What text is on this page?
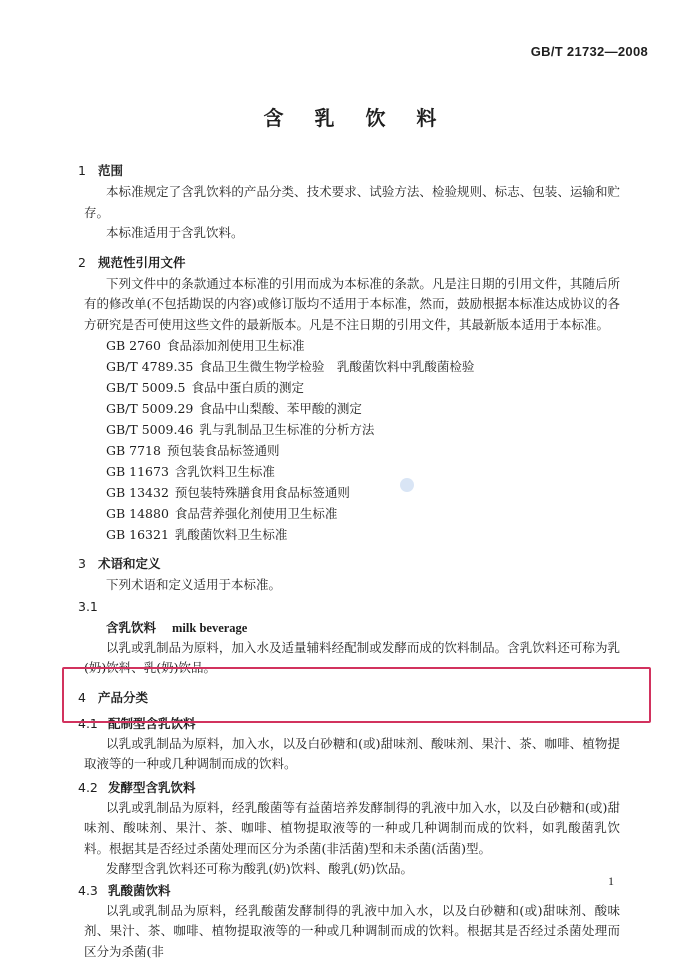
GB/T 21732—2008
含 乳 饮 料
1 范围

本标准规定了含乳饮料的产品分类、技术要求、试验方法、检验规则、标志、包装、运输和贮存。

本标准适用于含乳饮料。

2 规范性引用文件

下列文件中的条款通过本标准的引用而成为本标准的条款。凡是注日期的引用文件，其随后所有的修改单(不包括勘误的内容)或修订版均不适用于本标准，然而，鼓励根据本标准达成协议的各方研究是否可使用这些文件的最新版本。凡是不注日期的引用文件，其最新版本适用于本标准。

GB 2760 食品添加剂使用卫生标准
GB/T 4789.35 食品卫生微生物学检验　乳酸菌饮料中乳酸菌检验
GB/T 5009.5 食品中蛋白质的测定
GB/T 5009.29 食品中山梨酸、苯甲酸的测定
GB/T 5009.46 乳与乳制品卫生标准的分析方法
GB 7718 预包装食品标签通则
GB 11673 含乳饮料卫生标准
GB 13432 预包装特殊膳食用食品标签通则
GB 14880 食品营养强化剂使用卫生标准
GB 16321 乳酸菌饮料卫生标准
3 术语和定义

下列术语和定义适用于本标准。

3.1
含乳饮料 milk beverage

以乳或乳制品为原料，加入水及适量辅料经配制或发酵而成的饮料制品。含乳饮料还可称为乳(奶)饮料、乳(奶)饮品。

4 产品分类
4.1 配制型含乳饮料

以乳或乳制品为原料，加入水，以及白砂糖和(或)甜味剂、酸味剂、果汁、茶、咖啡、植物提取液等的一种或几种调制而成的饮料。

4.2 发酵型含乳饮料

以乳或乳制品为原料，经乳酸菌等有益菌培养发酵制得的乳液中加入水，以及白砂糖和(或)甜味剂、酸味剂、果汁、茶、咖啡、植物提取液等的一种或几种调制而成的饮料，如乳酸菌乳饮料。根据其是否经过杀菌处理而区分为杀菌(非活菌)型和未杀菌(活菌)型。

发酵型含乳饮料还可称为酸乳(奶)饮料、酸乳(奶)饮品。

4.3 乳酸菌饮料

以乳或乳制品为原料，经乳酸菌发酵制得的乳液中加入水，以及白砂糖和(或)甜味剂、酸味剂、果汁、茶、咖啡、植物提取液等的一种或几种调制而成的饮料。根据其是否经过杀菌处理而区分为杀菌(非

1
